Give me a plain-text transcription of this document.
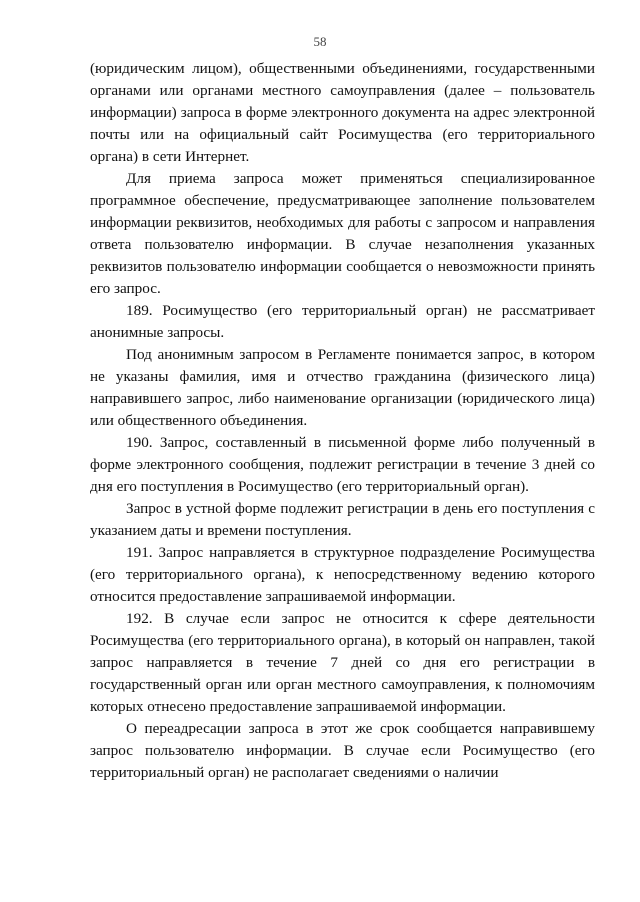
58

(юридическим лицом), общественными объединениями, государственными органами или органами местного самоуправления (далее – пользователь информации) запроса в форме электронного документа на адрес электронной почты или на официальный сайт Росимущества (его территориального органа) в сети Интернет.

Для приема запроса может применяться специализированное программное обеспечение, предусматривающее заполнение пользователем информации реквизитов, необходимых для работы с запросом и направления ответа пользователю информации. В случае незаполнения указанных реквизитов пользователю информации сообщается о невозможности принять его запрос.

189. Росимущество (его территориальный орган) не рассматривает анонимные запросы.

Под анонимным запросом в Регламенте понимается запрос, в котором не указаны фамилия, имя и отчество гражданина (физического лица) направившего запрос, либо наименование организации (юридического лица) или общественного объединения.

190. Запрос, составленный в письменной форме либо полученный в форме электронного сообщения, подлежит регистрации в течение 3 дней со дня его поступления в Росимущество (его территориальный орган).

Запрос в устной форме подлежит регистрации в день его поступления с указанием даты и времени поступления.

191. Запрос направляется в структурное подразделение Росимущества (его территориального органа), к непосредственному ведению которого относится предоставление запрашиваемой информации.

192. В случае если запрос не относится к сфере деятельности Росимущества (его территориального органа), в который он направлен, такой запрос направляется в течение 7 дней со дня его регистрации в государственный орган или орган местного самоуправления, к полномочиям которых отнесено предоставление запрашиваемой информации.

О переадресации запроса в этот же срок сообщается направившему запрос пользователю информации. В случае если Росимущество (его территориальный орган) не располагает сведениями о наличии
